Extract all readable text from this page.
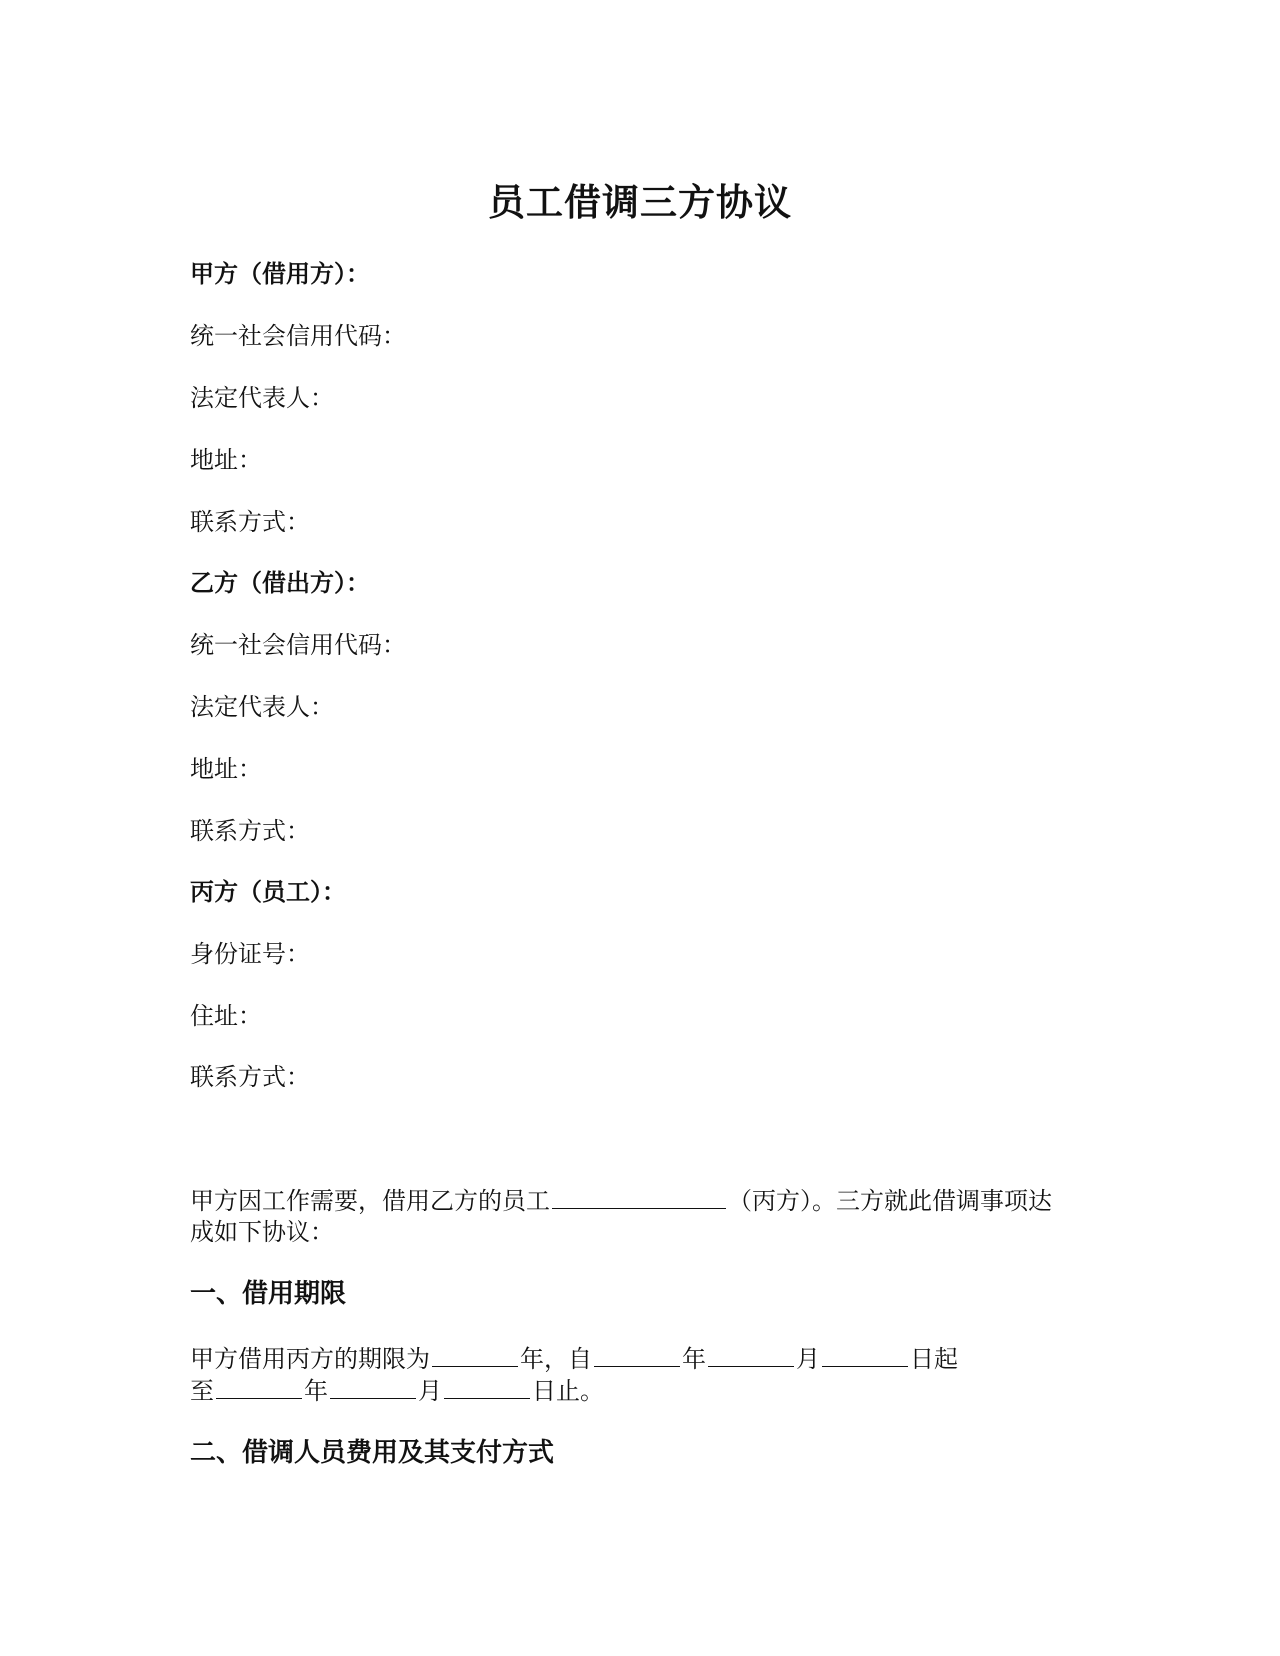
员工借调三方协议
甲方（借用方）：
统一社会信用代码：
法定代表人：
地址：
联系方式：
乙方（借出方）：
统一社会信用代码：
法定代表人：
地址：
联系方式：
丙方（员工）：
身份证号：
住址：
联系方式：
甲方因工作需要，借用乙方的员工	（丙方）。三方就此借调事项达
成如下协议：
一、借用期限
甲方借用丙方的期限为	年，自	年	月	日起
至	年	月	日止。
二、借调人员费用及其支付方式
